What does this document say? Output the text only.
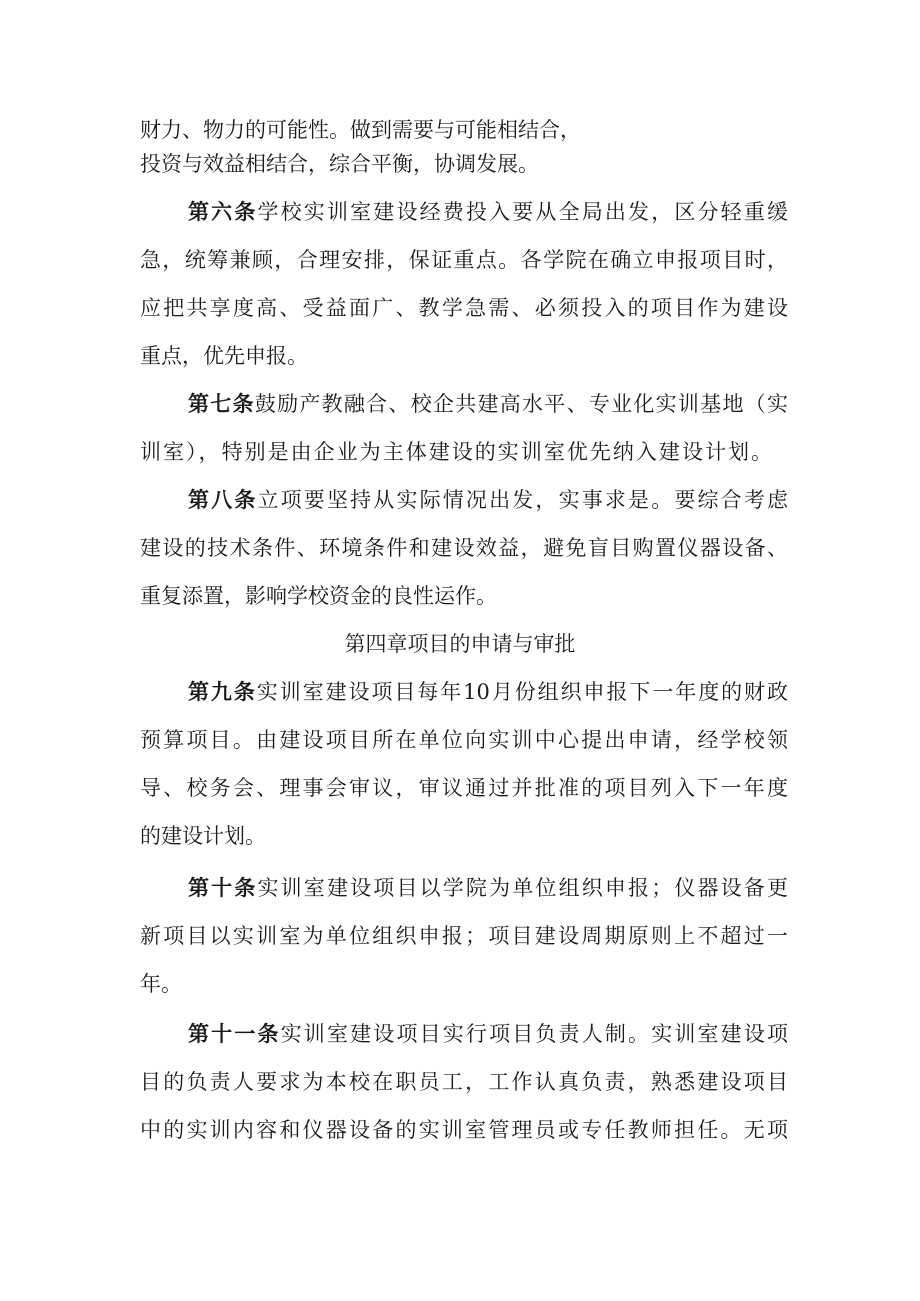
财力、物力的可能性。做到需要与可能相结合，
投资与效益相结合，综合平衡，协调发展。
第六条学校实训室建设经费投入要从全局出发，区分轻重缓
急，统筹兼顾，合理安排，保证重点。各学院在确立申报项目时，
应把共享度高、受益面广、教学急需、必须投入的项目作为建设
重点，优先申报。
第七条鼓励产教融合、校企共建高水平、专业化实训基地（实
训室），特别是由企业为主体建设的实训室优先纳入建设计划。
第八条立项要坚持从实际情况出发，实事求是。要综合考虑
建设的技术条件、环境条件和建设效益，避免盲目购置仪器设备、
重复添置，影响学校资金的良性运作。
第四章项目的申请与审批
第九条实训室建设项目每年10月份组织申报下一年度的财政
预算项目。由建设项目所在单位向实训中心提出申请，经学校领
导、校务会、理事会审议，审议通过并批准的项目列入下一年度
的建设计划。
第十条实训室建设项目以学院为单位组织申报；仪器设备更
新项目以实训室为单位组织申报；项目建设周期原则上不超过一
年。
第十一条实训室建设项目实行项目负责人制。实训室建设项
目的负责人要求为本校在职员工，工作认真负责，熟悉建设项目
中的实训内容和仪器设备的实训室管理员或专任教师担任。无项
